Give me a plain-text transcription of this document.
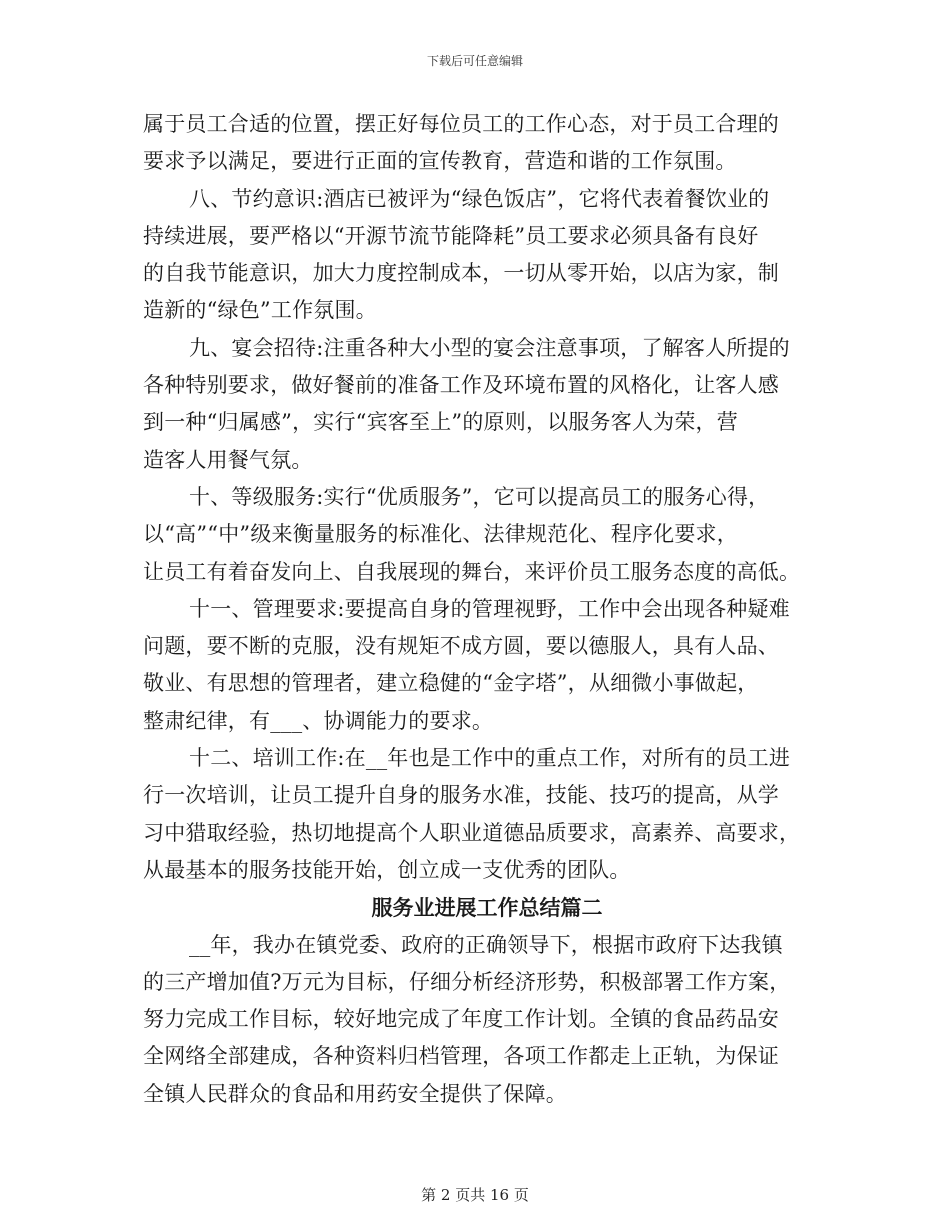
下载后可任意编辑
属于员工合适的位置，摆正好每位员工的工作心态，对于员工合理的
要求予以满足，要进行正面的宣传教育，营造和谐的工作氛围。
八、节约意识:酒店已被评为“绿色饭店”，它将代表着餐饮业的
持续进展，要严格以“开源节流节能降耗”员工要求必须具备有良好
的自我节能意识，加大力度控制成本，一切从零开始，以店为家，制
造新的“绿色”工作氛围。
九、宴会招待:注重各种大小型的宴会注意事项，了解客人所提的
各种特别要求，做好餐前的准备工作及环境布置的风格化，让客人感
到一种“归属感”，实行“宾客至上”的原则，以服务客人为荣，营
造客人用餐气氛。
十、等级服务:实行“优质服务”，它可以提高员工的服务心得，
以“高”“中”级来衡量服务的标准化、法律规范化、程序化要求，
让员工有着奋发向上、自我展现的舞台，来评价员工服务态度的高低。
十一、管理要求:要提高自身的管理视野，工作中会出现各种疑难
问题，要不断的克服，没有规矩不成方圆，要以德服人，具有人品、
敬业、有思想的管理者，建立稳健的“金字塔”，从细微小事做起，
整肃纪律，有___、协调能力的要求。
十二、培训工作:在__年也是工作中的重点工作，对所有的员工进
行一次培训，让员工提升自身的服务水准，技能、技巧的提高，从学
习中猎取经验，热切地提高个人职业道德品质要求，高素养、高要求，
从最基本的服务技能开始，创立成一支优秀的团队。
服务业进展工作总结篇二
__年，我办在镇党委、政府的正确领导下，根据市政府下达我镇
的三产增加值?万元为目标，仔细分析经济形势，积极部署工作方案，
努力完成工作目标，较好地完成了年度工作计划。全镇的食品药品安
全网络全部建成，各种资料归档管理，各项工作都走上正轨，为保证
全镇人民群众的食品和用药安全提供了保障。
第 2 页共 16 页
